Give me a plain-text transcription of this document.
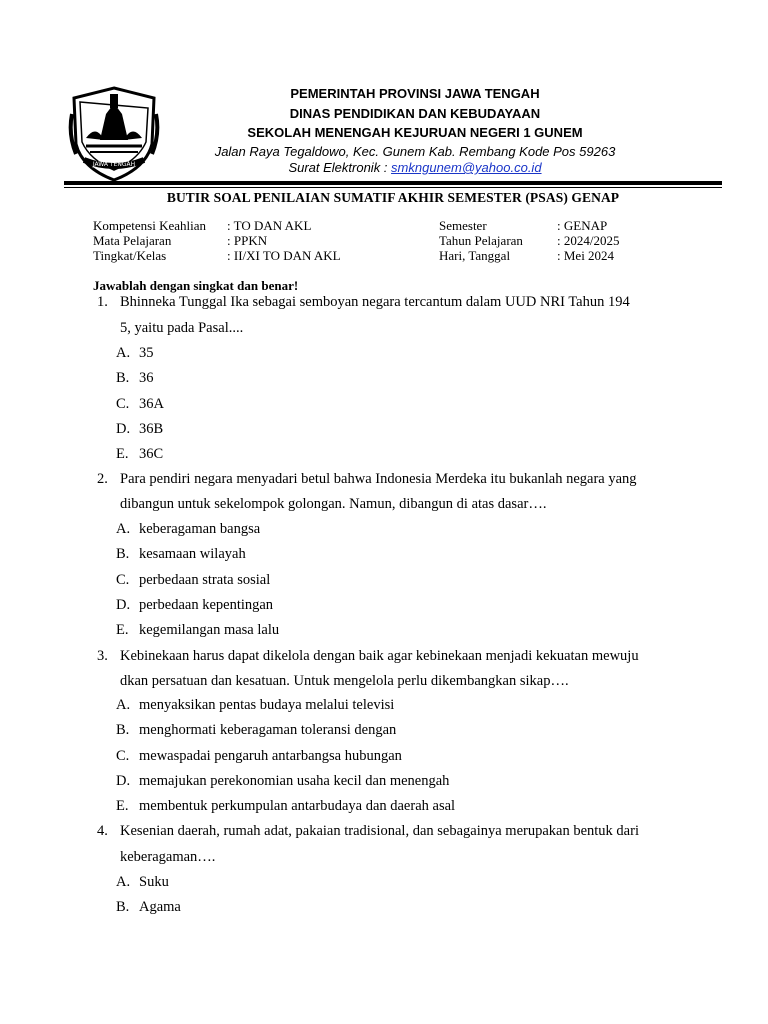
JAWA TENGAH
PEMERINTAH PROVINSI JAWA TENGAH
DINAS PENDIDIKAN DAN KEBUDAYAAN
SEKOLAH MENENGAH KEJURUAN NEGERI 1 GUNEM
Jalan Raya Tegaldowo, Kec. Gunem Kab. Rembang Kode Pos 59263
Surat Elektronik : smkngunem@yahoo.co.id
BUTIR SOAL PENILAIAN SUMATIF AKHIR SEMESTER (PSAS) GENAP
Kompetensi Keahlian : TO DAN AKL
Mata Pelajaran	: PPKN
Tingkat/Kelas	: II/XI TO DAN AKL
Semester	: GENAP
Tahun Pelajaran	: 2024/2025
Hari, Tanggal	: Mei 2024
Jawablah dengan singkat dan benar!
1. Bhinneka Tunggal Ika sebagai semboyan negara tercantum dalam UUD NRI Tahun 194
5, yaitu pada Pasal....
A. 35
B. 36
C. 36A
D. 36B
E. 36C
2. Para pendiri negara menyadari betul bahwa Indonesia Merdeka itu bukanlah negara yang
dibangun untuk sekelompok golongan. Namun, dibangun di atas dasar….
A. keberagaman bangsa
B. kesamaan wilayah
C. perbedaan strata sosial
D. perbedaan kepentingan
E. kegemilangan masa lalu
3. Kebinekaan harus dapat dikelola dengan baik agar kebinekaan menjadi kekuatan mewuju
dkan persatuan dan kesatuan. Untuk mengelola perlu dikembangkan sikap….
A. menyaksikan pentas budaya melalui televisi
B. menghormati keberagaman toleransi dengan
C. mewaspadai pengaruh antarbangsa hubungan
D. memajukan perekonomian usaha kecil dan menengah
E. membentuk perkumpulan antarbudaya dan daerah asal
4. Kesenian daerah, rumah adat, pakaian tradisional, dan sebagainya merupakan bentuk dari
keberagaman….
A. Suku
B. Agama
